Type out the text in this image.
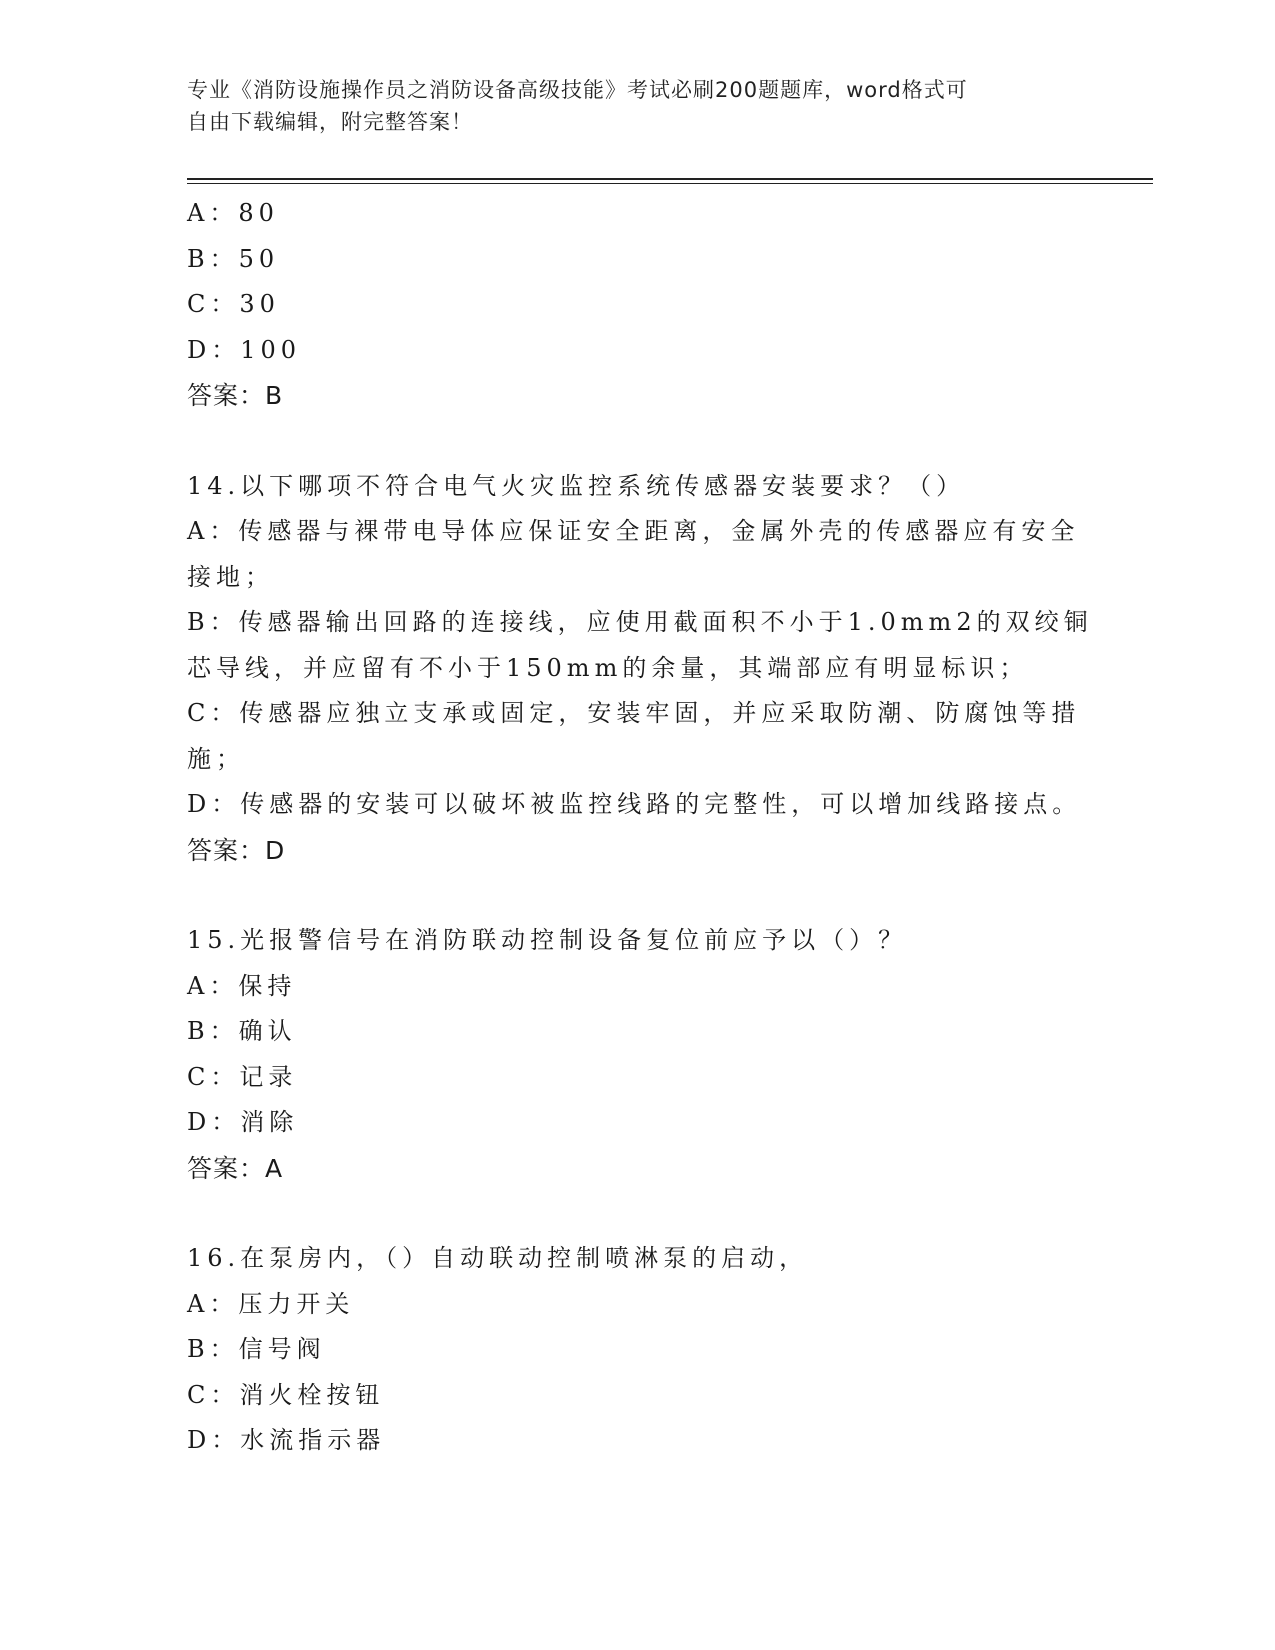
专业《消防设施操作员之消防设备高级技能》考试必刷200题题库，word格式可
自由下载编辑，附完整答案！
A：80
B：50
C：30
D：100
答案：B
14.以下哪项不符合电气火灾监控系统传感器安装要求？（）
A：传感器与裸带电导体应保证安全距离，金属外壳的传感器应有安全
接地；
B：传感器输出回路的连接线，应使用截面积不小于1.0mm2的双绞铜
芯导线，并应留有不小于150mm的余量，其端部应有明显标识；
C：传感器应独立支承或固定，安装牢固，并应采取防潮、防腐蚀等措
施；
D：传感器的安装可以破坏被监控线路的完整性，可以增加线路接点。
答案：D
15.光报警信号在消防联动控制设备复位前应予以（）？
A：保持
B：确认
C：记录
D：消除
答案：A
16.在泵房内，（）自动联动控制喷淋泵的启动，
A：压力开关
B：信号阀
C：消火栓按钮
D：水流指示器
